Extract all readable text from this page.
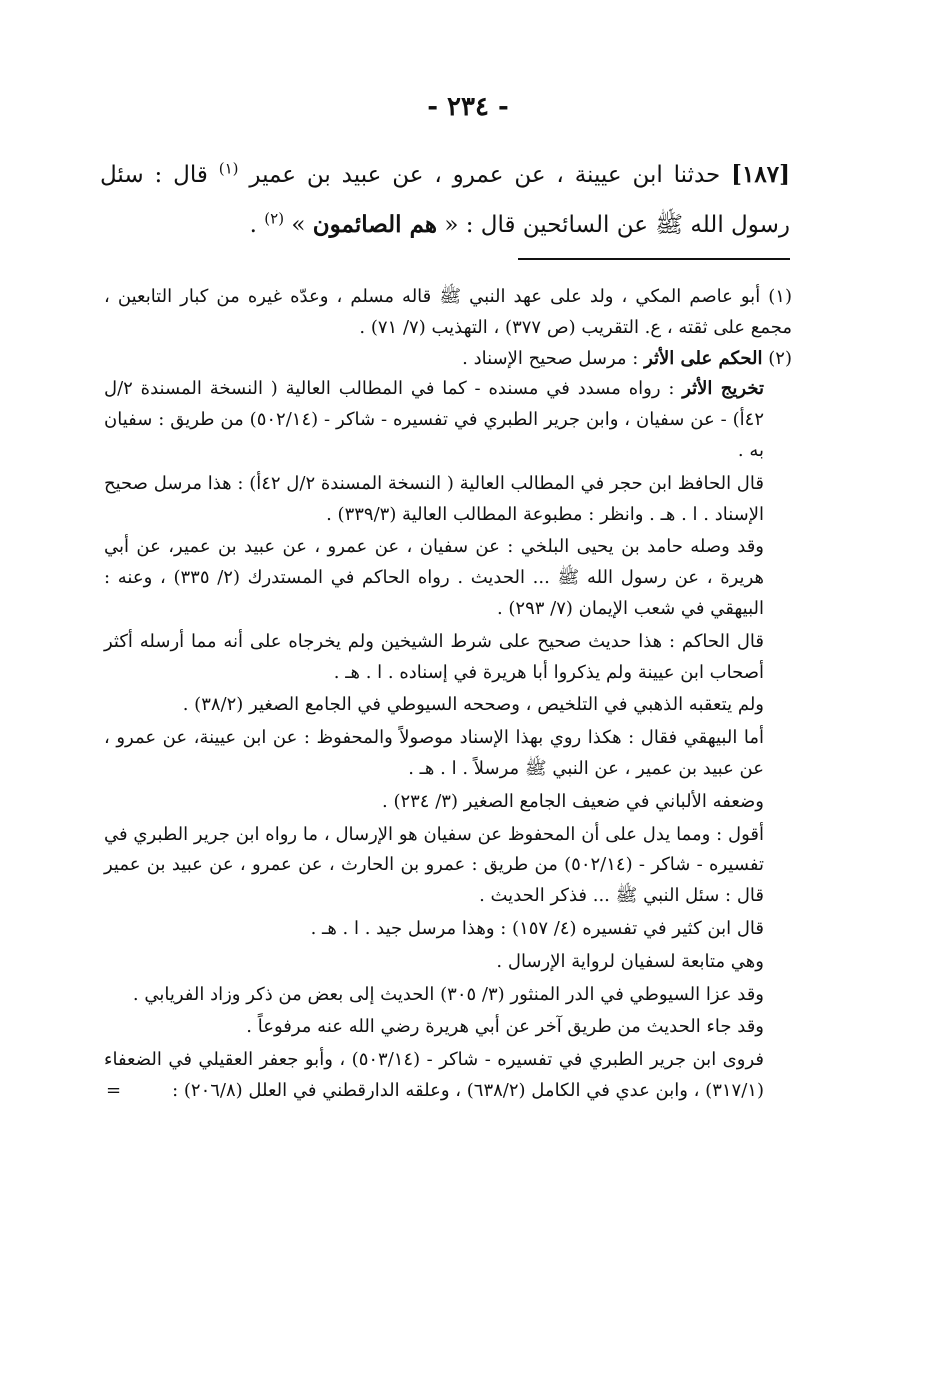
- ٢٣٤ -
[١٨٧] حدثنا ابن عيينة ، عن عمرو ، عن عبيد بن عمير $^{(١)}$ قال : سئل رسول الله ﷺ عن السائحين قال : « هم الصائمون » $^{(٢)}$ .

(١) أبو عاصم المكي ، ولد على عهد النبي ﷺ قاله مسلم ، وعدّه غيره من كبار التابعين ، مجمع على ثقته ، ع. التقريب (ص ٣٧٧) ، التهذيب (٧/ ٧١) .

(٢) الحكم على الأثر : مرسل صحيح الإسناد .

تخريج الأثر : رواه مسدد في مسنده - كما في المطالب العالية ( النسخة المسندة ٢/ل ٤٢أ) - عن سفيان ، وابن جرير الطبري في تفسيره - شاكر - (٥٠٢/١٤) من طريق : سفيان به .

قال الحافظ ابن حجر في المطالب العالية ( النسخة المسندة ٢/ل ٤٢أ) : هذا مرسل صحيح الإسناد . ا . هـ . وانظر : مطبوعة المطالب العالية (٣٣٩/٣) .

وقد وصله حامد بن يحيى البلخي : عن سفيان ، عن عمرو ، عن عبيد بن عمير، عن أبي هريرة ، عن رسول الله ﷺ ... الحديث . رواه الحاكم في المستدرك (٢/ ٣٣٥) ، وعنه : البيهقي في شعب الإيمان (٧/ ٢٩٣) .

قال الحاكم : هذا حديث صحيح على شرط الشيخين ولم يخرجاه على أنه مما أرسله أكثر أصحاب ابن عيينة ولم يذكروا أبا هريرة في إسناده . ا . هـ .

ولم يتعقبه الذهبي في التلخيص ، وصححه السيوطي في الجامع الصغير (٣٨/٢) .

أما البيهقي فقال : هكذا روي بهذا الإسناد موصولاً والمحفوظ : عن ابن عيينة، عن عمرو ، عن عبيد بن عمير ، عن النبي ﷺ مرسلاً . ا . هـ .

وضعفه الألباني في ضعيف الجامع الصغير (٣/ ٢٣٤) .

أقول : ومما يدل على أن المحفوظ عن سفيان هو الإرسال ، ما رواه ابن جرير الطبري في تفسيره - شاكر - (٥٠٢/١٤) من طريق : عمرو بن الحارث ، عن عمرو ، عن عبيد بن عمير قال : سئل النبي ﷺ ... فذكر الحديث .

قال ابن كثير في تفسيره (٤/ ١٥٧) : وهذا مرسل جيد . ا . هـ .

وهي متابعة لسفيان لرواية الإرسال .

وقد عزا السيوطي في الدر المنثور (٣/ ٣٠٥) الحديث إلى بعض من ذكر وزاد الفريابي .

وقد جاء الحديث من طريق آخر عن أبي هريرة رضي الله عنه مرفوعاً .

فروى ابن جرير الطبري في تفسيره - شاكر - (٥٠٣/١٤) ، وأبو جعفر العقيلي في الضعفاء (٣١٧/١) ، وابن عدي في الكامل (٦٣٨/٢) ، وعلقه الدارقطني في العلل (٢٠٦/٨) :
=
